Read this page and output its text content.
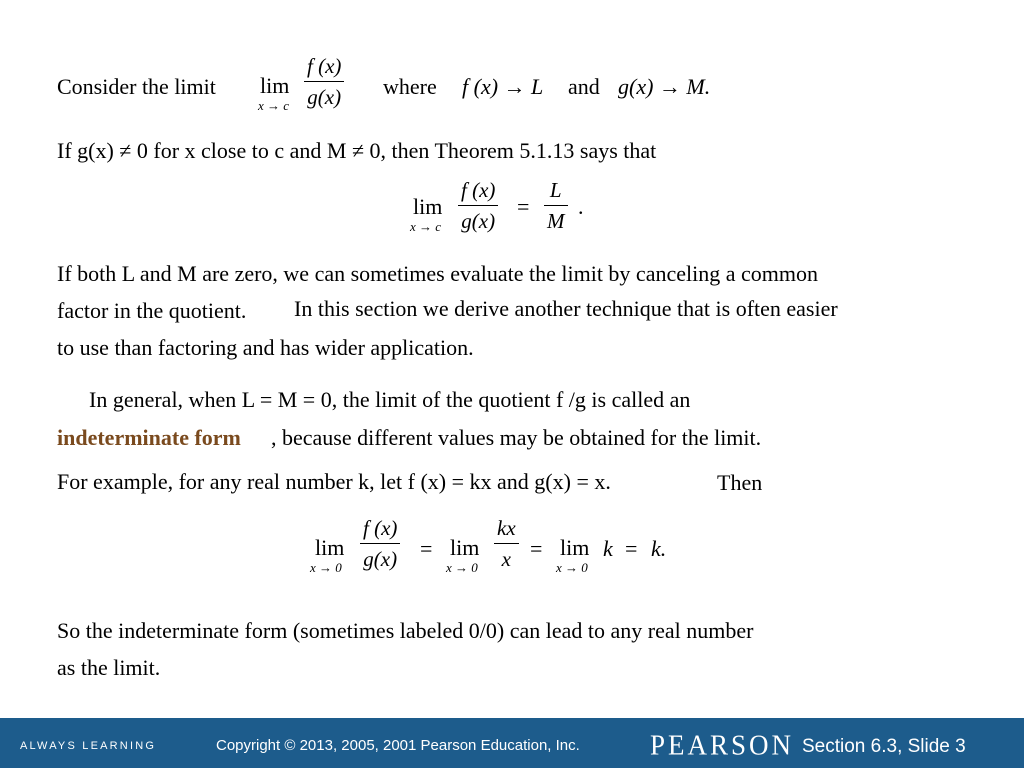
Consider the limit lim
x → c
f (x)
g(x) where f (x) → L and g(x) → M.
If g(x) ≠ 0 for x close to c and M ≠ 0, then Theorem 5.1.13 says that
lim
x → c
f (x)
g(x)
=
L
M
.
If both L and M are zero, we can sometimes evaluate the limit by canceling a common
factor in the quotient. In this section we derive another technique that is often easier
to use than factoring and has wider application.
In general, when L = M = 0, the limit of the quotient f /g is called an
indeterminate form , because different values may be obtained for the limit.
For example, for any real number k, let f (x) = kx and g(x) = x.	Then
lim
x → 0
f (x)
g(x) = lim
x → 0
kx
x = lim
x → 0
k = k.
So the indeterminate form (sometimes labeled 0/0) can lead to any real number
as the limit.
ALWAYS LEARNING	Copyright © 2013, 2005, 2001 Pearson Education, Inc.	PEARSON Section 6.3, Slide 3
